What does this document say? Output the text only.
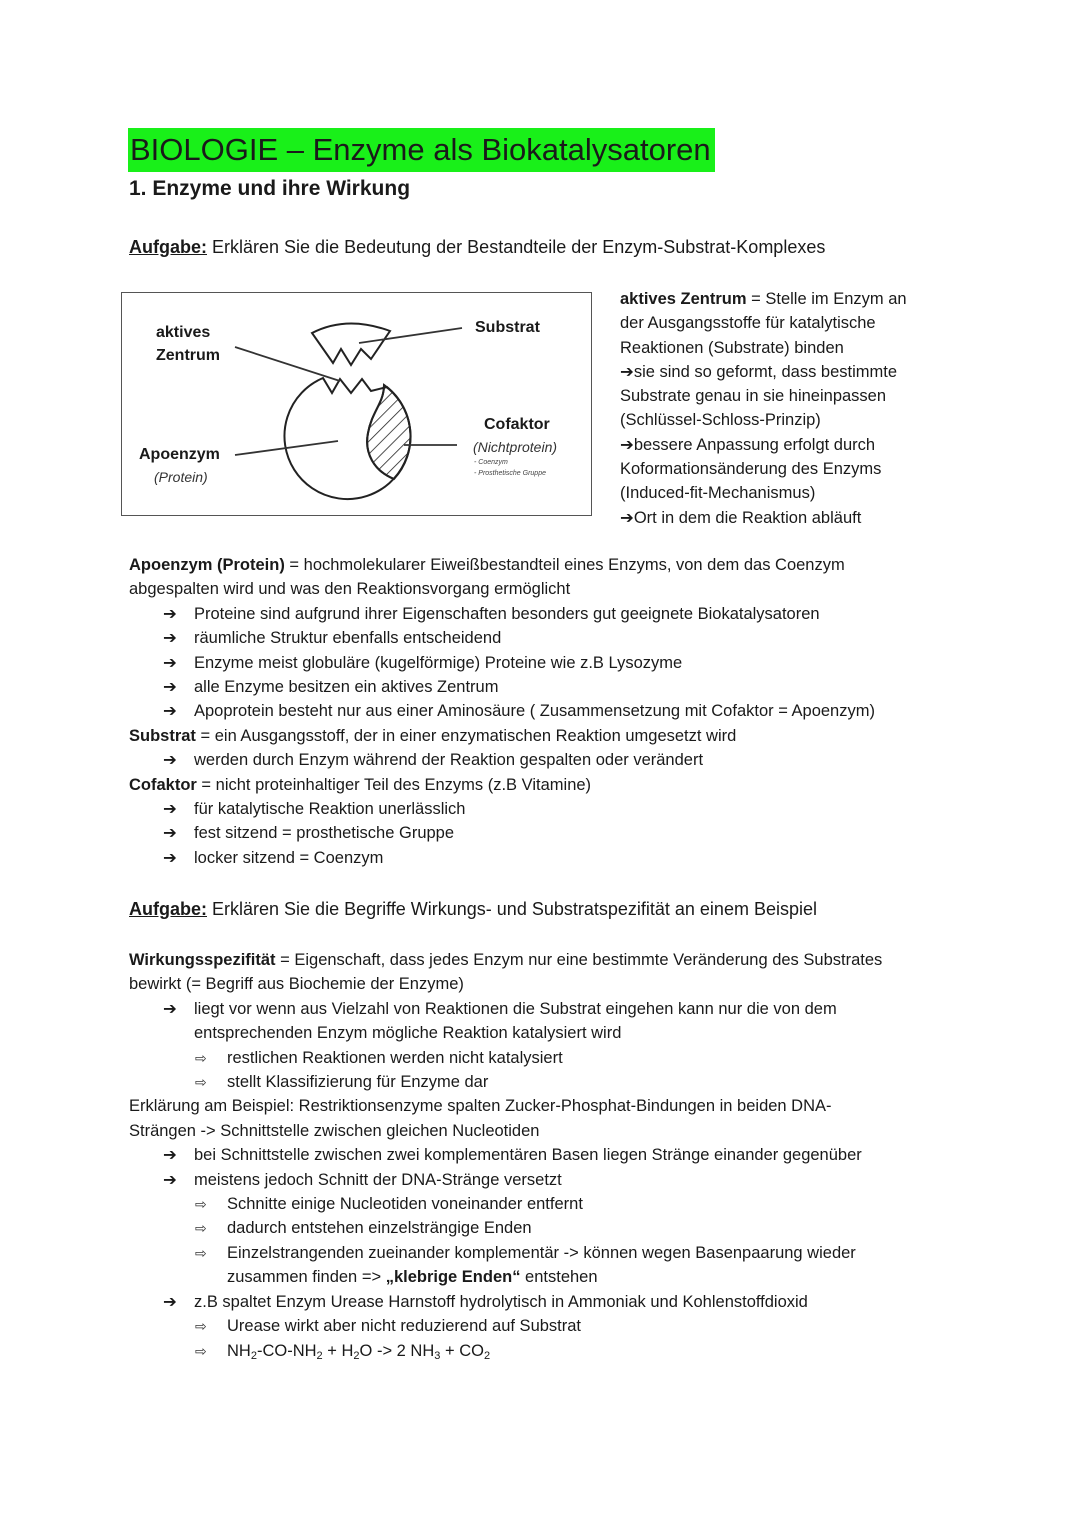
BIOLOGIE – Enzyme als Biokatalysatoren
1. Enzyme und ihre Wirkung
Aufgabe: Erklären Sie die Bedeutung der Bestandteile der Enzym-Substrat-Komplexes
aktives
Zentrum
Substrat
Cofaktor
(Nichtprotein)
- Coenzym
- Prosthetische Gruppe
Apoenzym
(Protein)
aktives Zentrum = Stelle im Enzym an
der Ausgangsstoffe für katalytische
Reaktionen (Substrate) binden
➔sie sind so geformt, dass bestimmte
Substrate genau in sie hineinpassen
(Schlüssel-Schloss-Prinzip)
➔bessere Anpassung erfolgt durch
Koformationsänderung des Enzyms
(Induced-fit-Mechanismus)
➔Ort in dem die Reaktion abläuft
Apoenzym (Protein) = hochmolekularer Eiweißbestandteil eines Enzyms, von dem das Coenzym
abgespalten wird und was den Reaktionsvorgang ermöglicht
➔ Proteine sind aufgrund ihrer Eigenschaften besonders gut geeignete Biokatalysatoren
➔ räumliche Struktur ebenfalls entscheidend
➔ Enzyme meist globuläre (kugelförmige) Proteine wie z.B Lysozyme
➔ alle Enzyme besitzen ein aktives Zentrum
➔ Apoprotein besteht nur aus einer Aminosäure ( Zusammensetzung mit Cofaktor = Apoenzym)
Substrat = ein Ausgangsstoff, der in einer enzymatischen Reaktion umgesetzt wird
➔ werden durch Enzym während der Reaktion gespalten oder verändert
Cofaktor = nicht proteinhaltiger Teil des Enzyms (z.B Vitamine)
➔ für katalytische Reaktion unerlässlich
➔ fest sitzend = prosthetische Gruppe
➔ locker sitzend = Coenzym
Aufgabe: Erklären Sie die Begriffe Wirkungs- und Substratspezifität an einem Beispiel
Wirkungsspezifität = Eigenschaft, dass jedes Enzym nur eine bestimmte Veränderung des Substrates
bewirkt (= Begriff aus Biochemie der Enzyme)
➔ liegt vor wenn aus Vielzahl von Reaktionen die Substrat eingehen kann nur die von dem
entsprechenden Enzym mögliche Reaktion katalysiert wird
⇨ restlichen Reaktionen werden nicht katalysiert
⇨ stellt Klassifizierung für Enzyme dar
Erklärung am Beispiel: Restriktionsenzyme spalten Zucker-Phosphat-Bindungen in beiden DNA-
Strängen -> Schnittstelle zwischen gleichen Nucleotiden
➔ bei Schnittstelle zwischen zwei komplementären Basen liegen Stränge einander gegenüber
➔ meistens jedoch Schnitt der DNA-Stränge versetzt
⇨ Schnitte einige Nucleotiden voneinander entfernt
⇨ dadurch entstehen einzelsträngige Enden
⇨ Einzelstrangenden zueinander komplementär -> können wegen Basenpaarung wieder
zusammen finden => „klebrige Enden“ entstehen
➔ z.B spaltet Enzym Urease Harnstoff hydrolytisch in Ammoniak und Kohlenstoffdioxid
⇨ Urease wirkt aber nicht reduzierend auf Substrat
⇨ $NH_2-CO-NH_2 + H_2O -> 2$ $NH_3 + CO_2$
